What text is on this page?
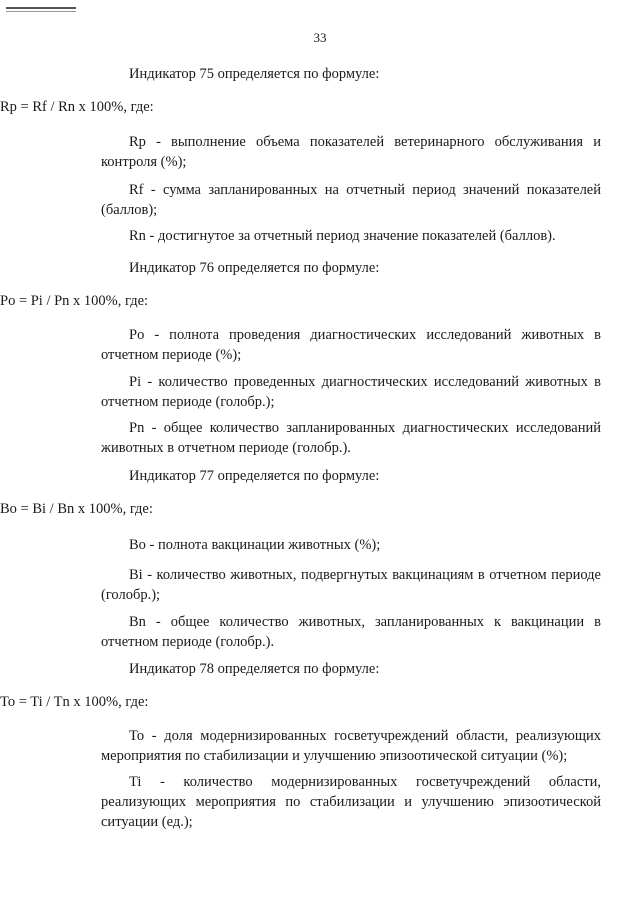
33
Индикатор 75 определяется по формуле:
Rp = Rf / Rn x 100%, где:
Rp - выполнение объема показателей ветеринарного обслуживания и контроля (%);
Rf - сумма запланированных на отчетный период значений показателей (баллов);
Rn - достигнутое за отчетный период значение показателей (баллов).
Индикатор 76 определяется по формуле:
Po = Pi / Pn x 100%, где:
Po - полнота проведения диагностических исследований животных в отчетном периоде (%);
Pi - количество проведенных диагностических исследований животных в отчетном периоде (голобр.);
Pn - общее количество запланированных диагностических исследований животных в отчетном периоде (голобр.).
Индикатор 77 определяется по формуле:
Bo = Bi / Bn x 100%, где:
Bo - полнота вакцинации животных (%);
Bi - количество животных, подвергнутых вакцинациям в отчетном периоде (голобр.);
Bn - общее количество животных, запланированных к вакцинации в отчетном периоде (голобр.).
Индикатор 78 определяется по формуле:
To = Ti / Tn x 100%, где:
To - доля модернизированных госветучреждений области, реализующих мероприятия по стабилизации и улучшению эпизоотической ситуации (%);
Ti - количество модернизированных госветучреждений области, реализующих мероприятия по стабилизации и улучшению эпизоотической ситуации (ед.);
